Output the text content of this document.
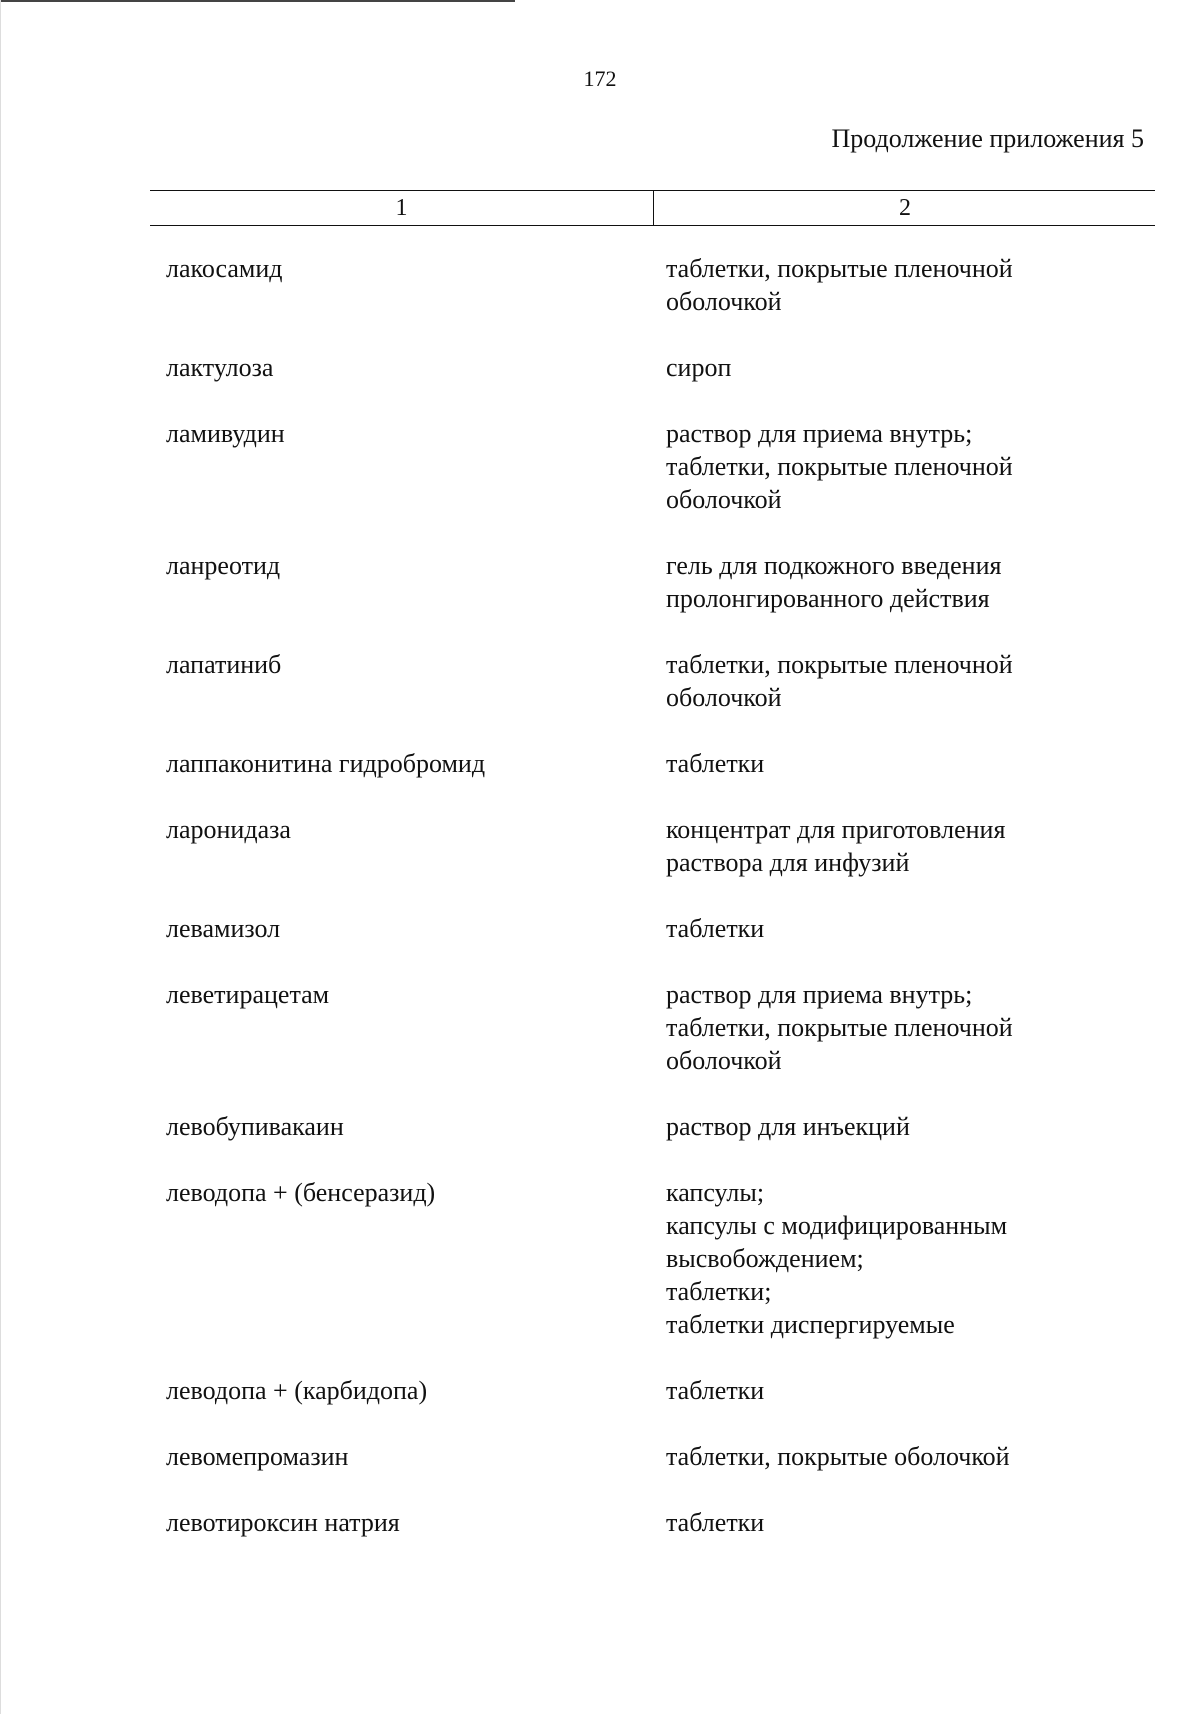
172
Продолжение приложения 5
1	2
лакосамид	таблетки, покрытые пленочной
оболочкой
лактулоза	сироп
ламивудин	раствор для приема внутрь;
таблетки, покрытые пленочной
оболочкой
ланреотид	гель для подкожного введения
пролонгированного действия
лапатиниб	таблетки, покрытые пленочной
оболочкой
лаппаконитина гидробромид	таблетки
ларонидаза	концентрат для приготовления
раствора для инфузий
левамизол	таблетки
леветирацетам	раствор для приема внутрь;
таблетки, покрытые пленочной
оболочкой
левобупивакаин	раствор для инъекций
леводопа + (бенсеразид)	капсулы;
капсулы с модифицированным
высвобождением;
таблетки;
таблетки диспергируемые
леводопа + (карбидопа)	таблетки
левомепромазин	таблетки, покрытые оболочкой
левотироксин натрия	таблетки
